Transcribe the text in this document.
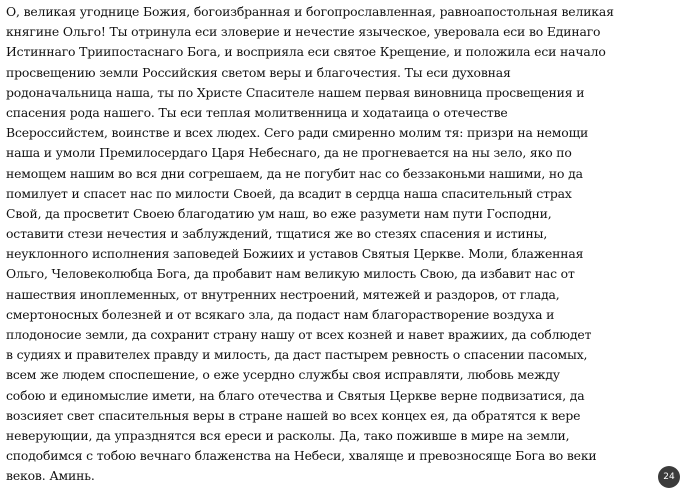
О, великая угоднице Божия, богоизбранная и богопрославленная, равноапостольная великая
княгине Ольго! Ты отринула еси зловерие и нечестие языческое, уверовала еси во Единаго
Истиннаго Триипостаснаго Бога, и восприяла еси святое Крещение, и положила еси начало
просвещению земли Российския светом веры и благочестия. Ты еси духовная
родоначальница наша, ты по Христе Спасителе нашем первая виновница просвещения и
спасения рода нашего. Ты еси теплая молитвенница и ходатаица о отечестве
Всероссийстем, воинстве и всех людех. Сего ради смиренно молим тя: призри на немощи
наша и умоли Премилосердаго Царя Небеснаго, да не прогневается на ны зело, яко по
немощем нашим во вся дни согрешаем, да не погубит нас со беззаконьми нашими, но да
помилует и спасет нас по милости Своей, да всадит в сердца наша спасительный страх
Свой, да просветит Своею благодатию ум наш, во еже разумети нам пути Господни,
оставити стези нечестия и заблуждений, тщатися же во стезях спасения и истины,
неуклонного исполнения заповедей Божиих и уставов Святыя Церкве. Моли, блаженная
Ольго, Человеколюбца Бога, да пробавит нам великую милость Свою, да избавит нас от
нашествия иноплеменных, от внутренних нестроений, мятежей и раздоров, от глада,
смертоносных болезней и от всякаго зла, да подаст нам благорастворение воздуха и
плодоносие земли, да сохранит страну нашу от всех козней и навет вражиих, да соблюдет
в судиях и правителех правду и милость, да даст пастырем ревность о спасении пасомых,
всем же людем споспешение, о еже усердно службы своя исправляти, любовь между
собою и единомыслие имети, на благо отечества и Святыя Церкве верне подвизатися, да
возсияет свет спасительныя веры в стране нашей во всех концех ея, да обратятся к вере
неверующии, да упразднятся вся ереси и расколы. Да, тако поживше в мире на земли,
сподобимся с тобою вечнаго блаженства на Небеси, хваляще и превозносяще Бога во веки
веков. Аминь.	24
